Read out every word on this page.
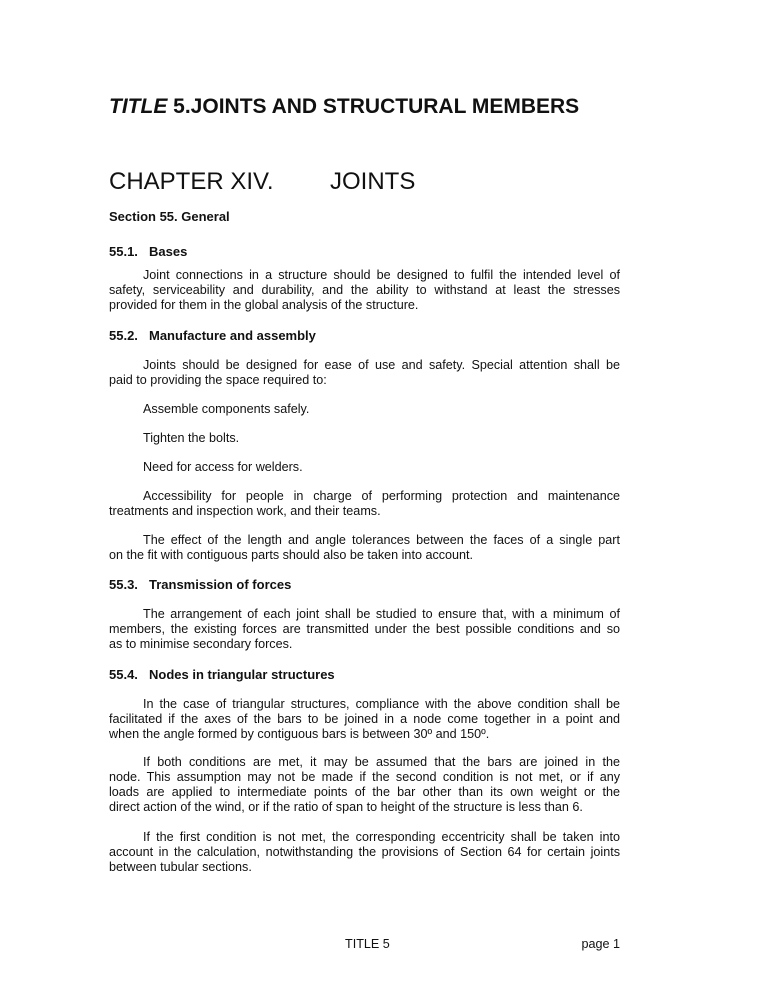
TITLE 5.JOINTS AND STRUCTURAL MEMBERS
CHAPTER XIV. JOINTS
Section 55. General
55.1. Bases
Joint connections in a structure should be designed to fulfil the intended level of
safety, serviceability and durability, and the ability to withstand at least the stresses
provided for them in the global analysis of the structure.
55.2. Manufacture and assembly
Joints should be designed for ease of use and safety. Special attention shall be
paid to providing the space required to:
Assemble components safely.
Tighten the bolts.
Need for access for welders.
Accessibility for people in charge of performing protection and maintenance
treatments and inspection work, and their teams.
The effect of the length and angle tolerances between the faces of a single part
on the fit with contiguous parts should also be taken into account.
55.3. Transmission of forces
The arrangement of each joint shall be studied to ensure that, with a minimum of
members, the existing forces are transmitted under the best possible conditions and so
as to minimise secondary forces.
55.4. Nodes in triangular structures
In the case of triangular structures, compliance with the above condition shall be
facilitated if the axes of the bars to be joined in a node come together in a point and
when the angle formed by contiguous bars is between 30º and 150º.
If both conditions are met, it may be assumed that the bars are joined in the
node. This assumption may not be made if the second condition is not met, or if any
loads are applied to intermediate points of the bar other than its own weight or the
direct action of the wind, or if the ratio of span to height of the structure is less than 6.
If the first condition is not met, the corresponding eccentricity shall be taken into
account in the calculation, notwithstanding the provisions of Section 64 for certain joints
between tubular sections.
TITLE 5	page 1
